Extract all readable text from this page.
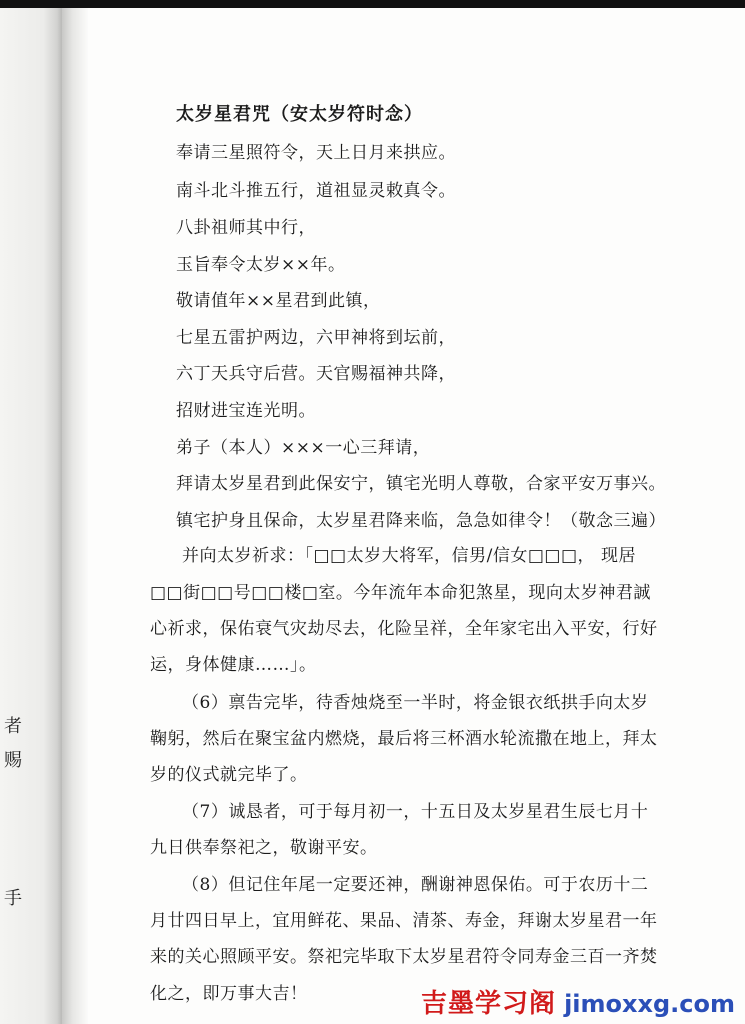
者
赐
手
太岁星君咒（安太岁符时念）
奉请三星照符令，天上日月来拱应。
南斗北斗推五行，道祖显灵敕真令。
八卦祖师其中行，
玉旨奉令太岁××年。
敬请值年××星君到此镇，
七星五雷护两边，六甲神将到坛前，
六丁天兵守后营。天官赐福神共降，
招财进宝连光明。
弟子（本人）×××一心三拜请，
拜请太岁星君到此保安宁，镇宅光明人尊敬，合家平安万事兴。
镇宅护身且保命，太岁星君降来临，急急如律令！（敬念三遍）
并向太岁祈求：「□□太岁大将军，信男/信女□□□， 现居
□□街□□号□□楼□室。今年流年本命犯煞星，现向太岁神君誠
心祈求，保佑衰气灾劫尽去，化险呈祥，全年家宅出入平安，行好
运，身体健康……」。
（6）禀告完毕，待香烛烧至一半时，将金银衣纸拱手向太岁
鞠躬，然后在聚宝盆内燃烧，最后将三杯酒水轮流撒在地上，拜太
岁的仪式就完毕了。
（7）诚恳者，可于每月初一，十五日及太岁星君生辰七月十
九日供奉祭祀之，敬谢平安。
（8）但记住年尾一定要还神，酬谢神恩保佑。可于农历十二
月廿四日早上，宜用鲜花、果品、清茶、寿金，拜谢太岁星君一年
来的关心照顾平安。祭祀完毕取下太岁星君符令同寿金三百一齐焚
化之，即万事大吉！	吉墨学习阁 jimoxxg.com
